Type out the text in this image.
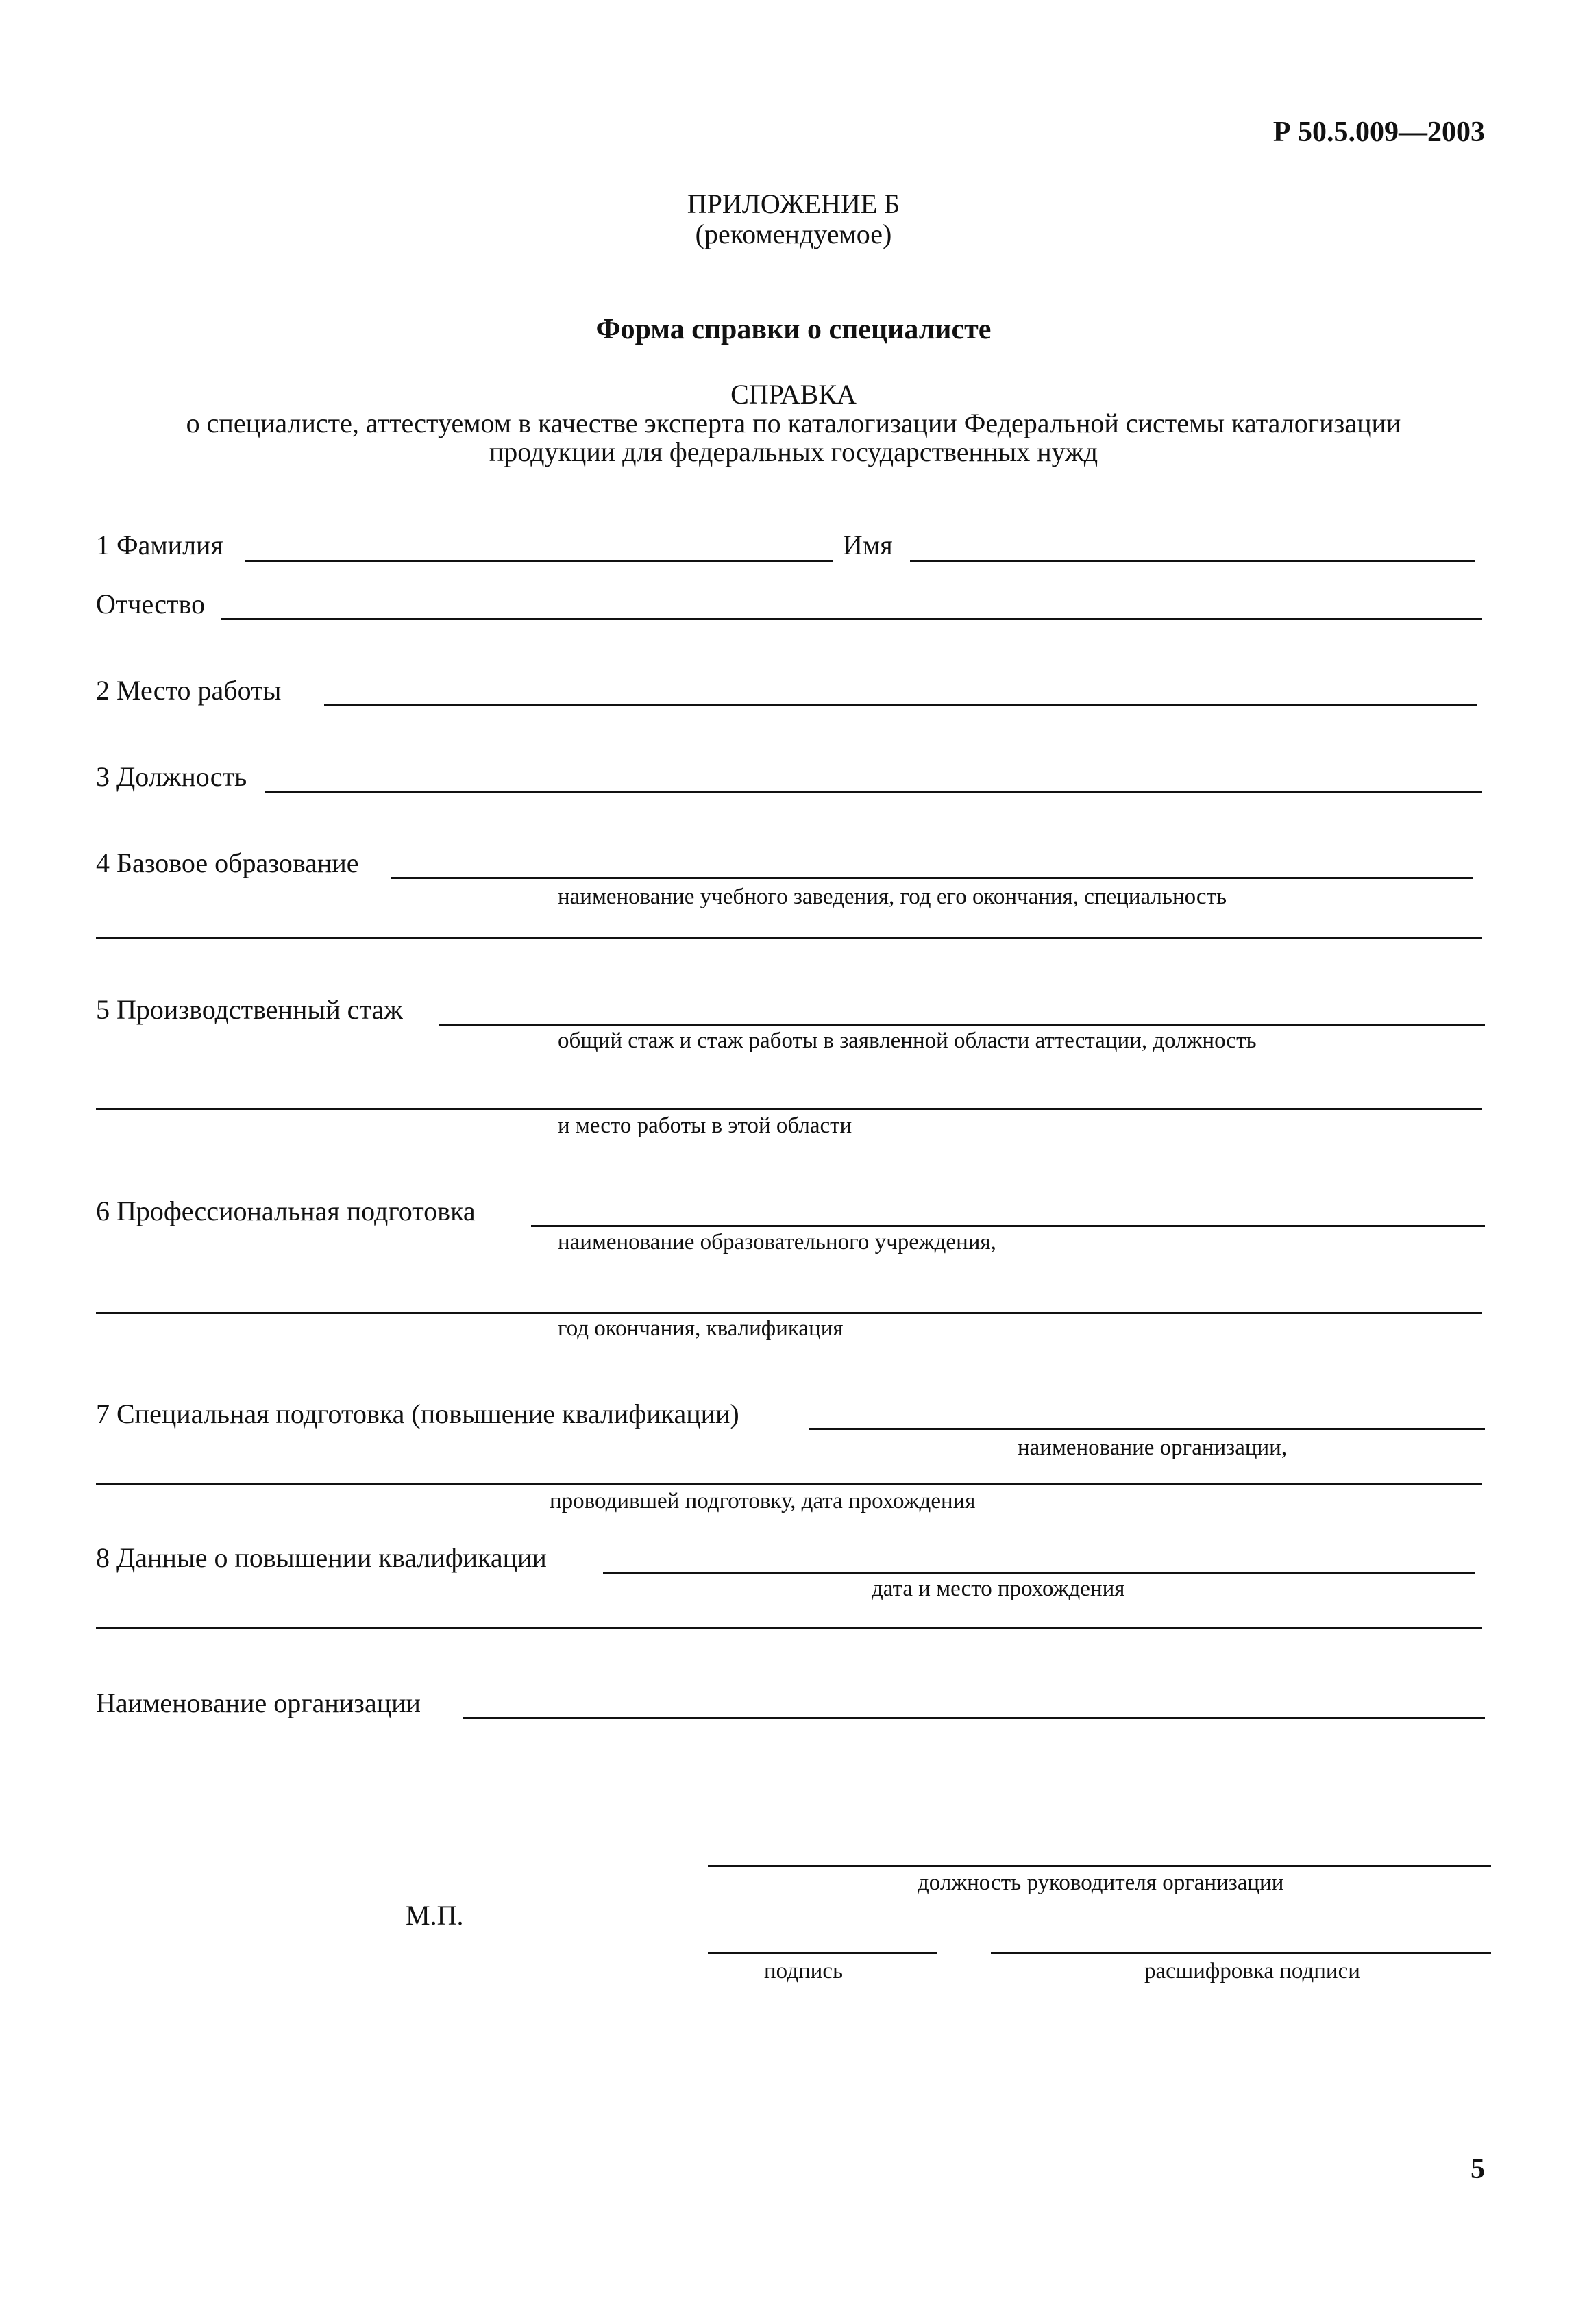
Р 50.5.009—2003
ПРИЛОЖЕНИЕ Б
(рекомендуемое)
Форма справки о специалисте
СПРАВКА
о специалисте, аттестуемом в качестве эксперта по каталогизации Федеральной системы каталогизации
продукции для федеральных государственных нужд
1 Фамилия	Имя
Отчество
2 Место работы
3 Должность
4 Базовое образование
наименование учебного заведения, год его окончания, специальность
5 Производственный стаж
общий стаж и стаж работы в заявленной области аттестации, должность
и место работы в этой области
6 Профессиональная подготовка
наименование образовательного учреждения,
год окончания, квалификация
7 Специальная подготовка (повышение квалификации)
наименование организации,
проводившей подготовку, дата прохождения
8 Данные о повышении квалификации
дата и место прохождения
Наименование организации
должность руководителя организации
М.П.
подпись	расшифровка подписи
5
